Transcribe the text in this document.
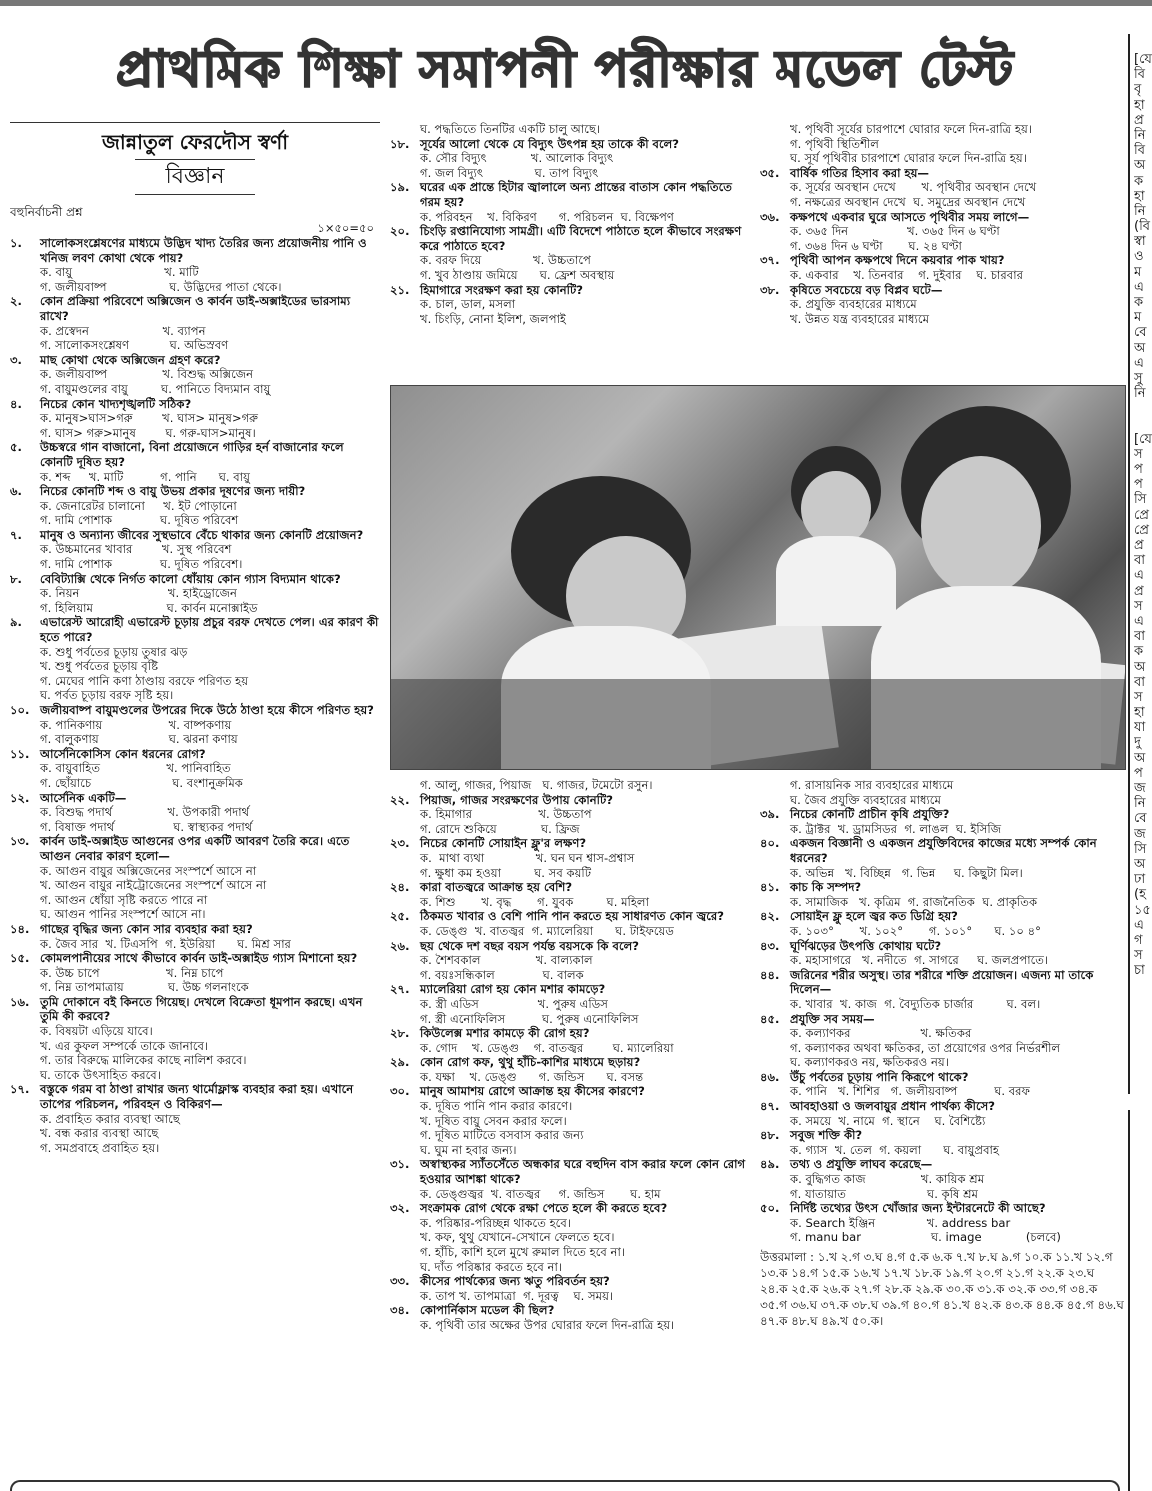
প্রাথমিক শিক্ষা সমাপনী পরীক্ষার মডেল টেস্ট	[যে
বি
বৃ
হা
প্র
নি
বি
অ
ক
হা
নি
(বি
স্বা
ও
ম
এ
ক
ম
বে
অ
এ
সু
নি
[যে
স
প
প
সি
প্রে
প্রে
প্র
বা
এ
প্র
স
এ
বা
ক
অ
বা
স
হা
যা
দু
অ
প
জ
নি
বে
জ
সি
অ
ঢা
(হ
১৫
এ
গ
স
চা
জান্নাতুল ফেরদৌস স্বর্ণা
বিজ্ঞান
বহুনির্বাচনী প্রশ্ন
১×৫০=৫০
১.	সালোকসংশ্লেষণের মাধ্যমে উদ্ভিদ খাদ্য তৈরির জন্য প্রয়োজনীয় পানি ও খনিজ লবণ কোথা থেকে পায়?
ক. বায়ু                         খ. মাটি
গ. জলীয়বাষ্প                 ঘ. উদ্ভিদের পাতা থেকে।
২.	কোন প্রক্রিয়া পরিবেশে অক্সিজেন ও কার্বন ডাই-অক্সাইডের ভারসাম্য রাখে?
ক. প্রস্বেদন                    খ. ব্যাপন
গ. সালোকসংশ্লেষণ           ঘ. অভিস্রবণ
৩.	মাছ কোথা থেকে অক্সিজেন গ্রহণ করে?
ক. জলীয়বাষ্প               খ. বিশুদ্ধ অক্সিজেন
গ. বায়ুমণ্ডলের বায়ু         ঘ. পানিতে বিদ্যমান বায়ু
৪.	নিচের কোন খাদ্যশৃঙ্খলটি সঠিক?
ক. মানুষ>ঘাস>গরু        খ. ঘাস> মানুষ>গরু
গ. ঘাস> গরু>মানুষ        ঘ. গরু-ঘাস>মানুষ।
৫.	উচ্চস্বরে গান বাজানো, বিনা প্রয়োজনে গাড়ির হর্ন বাজানোর ফলে কোনটি দূষিত হয়?
ক. শব্দ     খ. মাটি          গ. পানি      ঘ. বায়ু
৬.	নিচের কোনটি শব্দ ও বায়ু উভয় প্রকার দূষণের জন্য দায়ী?
ক. জেনারেটর চালানো     খ. ইট পোড়ানো
গ. দামি পোশাক             ঘ. দূষিত পরিবেশ
৭.	মানুষ ও অন্যান্য জীবের সুস্থভাবে বেঁচে থাকার জন্য কোনটি প্রয়োজন?
ক. উচ্চমানের খাবার        খ. সুস্থ পরিবেশ
গ. দামি পোশাক             ঘ. দূষিত পরিবেশ।
৮.	বেবিট্যাক্সি থেকে নির্গত কালো ধোঁয়ায় কোন গ্যাস বিদ্যমান থাকে?
ক. নিয়ন                        খ. হাইড্রোজেন
গ. হিলিয়াম                    ঘ. কার্বন মনোক্সাইড
৯.	এভারেস্ট আরোহী এভারেস্ট চূড়ায় প্রচুর বরফ দেখতে পেল। এর কারণ কী হতে পারে?
ক. শুধু পর্বতের চূড়ায় তুষার ঝড়
খ. শুধু পর্বতের চূড়ায় বৃষ্টি
গ. মেঘের পানি কণা ঠাণ্ডায় বরফে পরিণত হয়
ঘ. পর্বত চূড়ায় বরফ সৃষ্টি হয়।
১০. জলীয়বাষ্প বায়ুমণ্ডলের উপরের দিকে উঠে ঠাণ্ডা হয়ে কীসে পরিণত হয়?
ক. পানিকণায়                  খ. বাষ্পকণায়
গ. বালুকণায়                   ঘ. ঝরনা কণায়
১১. আর্সেনিকোসিস কোন ধরনের রোগ?
ক. বায়ুবাহিত                  খ. পানিবাহিত
গ. ছোঁয়াচে                      ঘ. বংশানুক্রমিক
১২. আর্সেনিক একটি—
ক. বিশুদ্ধ পদার্থ               খ. উপকারী পদার্থ
গ. বিষাক্ত পদার্থ                ঘ. স্বাস্থ্যকর পদার্থ
১৩. কার্বন ডাই-অক্সাইড আগুনের ওপর একটি আবরণ তৈরি করে। এতে আগুন নেবার কারণ হলো—
ক. আগুন বায়ুর অক্সিজেনের সংস্পর্শে আসে না
খ. আগুন বায়ুর নাইট্রোজেনের সংস্পর্শে আসে না
গ. আগুন ধোঁয়া সৃষ্টি করতে পারে না
ঘ. আগুন পানির সংস্পর্শে আসে না।
১৪. গাছের বৃদ্ধির জন্য কোন সার ব্যবহার করা হয়?
ক. জৈব সার  খ. টিএসপি  গ. ইউরিয়া      ঘ. মিশ্র সার
১৫. কোমলপানীয়ের সাথে কীভাবে কার্বন ডাই-অক্সাইড গ্যাস মিশানো হয়?
ক. উচ্চ চাপে                  খ. নিম্ন চাপে
গ. নিম্ন তাপমাত্রায়            ঘ. উচ্চ গলনাংকে
১৬. তুমি দোকানে বই কিনতে গিয়েছ। দেখলে বিক্রেতা ধূমপান করছে। এখন তুমি কী করবে?
ক. বিষয়টা এড়িয়ে যাবে।
খ. এর কুফল সম্পর্কে তাকে জানাবে।
গ. তার বিরুদ্ধে মালিকের কাছে নালিশ করবে।
ঘ. তাকে উৎসাহিত করবে।
১৭. বস্তুকে গরম বা ঠাণ্ডা রাখার জন্য থার্মোফ্লাস্ক ব্যবহার করা হয়। এখানে তাপের পরিচলন, পরিবহন ও বিকিরণ—
ক. প্রবাহিত করার ব্যবস্থা আছে
খ. বন্ধ করার ব্যবস্থা আছে
গ. সমপ্রবাহে প্রবাহিত হয়।
ঘ. পদ্ধতিতে তিনটির একটি চালু আছে।
১৮. সূর্যের আলো থেকে যে বিদ্যুৎ উৎপন্ন হয় তাকে কী বলে?
ক. সৌর বিদ্যুৎ            খ. আলোক বিদ্যুৎ
গ. জল বিদ্যুৎ              ঘ. তাপ বিদ্যুৎ
১৯. ঘরের এক প্রান্তে হিটার জ্বালালে অন্য প্রান্তের বাতাস কোন পদ্ধতিতে গরম হয়?
ক. পরিবহন    খ. বিকিরণ      গ. পরিচলন  ঘ. বিক্ষেপণ
২০. চিংড়ি রপ্তানিযোগ্য সামগ্রী। এটি বিদেশে পাঠাতে হলে কীভাবে সংরক্ষণ করে পাঠাতে হবে?
ক. বরফ দিয়ে              খ. উচ্চতাপে
গ. খুব ঠাণ্ডায় জমিয়ে      ঘ. ফ্রেশ অবস্থায়
২১. হিমাগারে সংরক্ষণ করা হয় কোনটি?
ক. চাল, ডাল, মসলা
খ. চিংড়ি, নোনা ইলিশ, জলপাই
খ. পৃথিবী সূর্যের চারপাশে ঘোরার ফলে দিন-রাত্রি হয়।
গ. পৃথিবী স্থিতিশীল
ঘ. সূর্য পৃথিবীর চারপাশে ঘোরার ফলে দিন-রাত্রি হয়।
৩৫. বার্ষিক গতির হিসাব করা হয়—
ক. সূর্যের অবস্থান দেখে       খ. পৃথিবীর অবস্থান দেখে
গ. নক্ষত্রের অবস্থান দেখে  ঘ. সমুদ্রের অবস্থান দেখে
৩৬. কক্ষপথে একবার ঘুরে আসতে পৃথিবীর সময় লাগে—
ক. ৩৬৫ দিন                খ. ৩৬৫ দিন ৬ ঘণ্টা
গ. ৩৬৪ দিন ৬ ঘণ্টা       ঘ. ২৪ ঘণ্টা
৩৭. পৃথিবী আপন কক্ষপথে দিনে কয়বার পাক খায়?
ক. একবার    খ. তিনবার    গ. দুইবার    ঘ. চারবার
৩৮. কৃষিতে সবচেয়ে বড় বিপ্লব ঘটে—
ক. প্রযুক্তি ব্যবহারের মাধ্যমে
খ. উন্নত যন্ত্র ব্যবহারের মাধ্যমে
গ. আলু, গাজর, পিয়াজ   ঘ. গাজর, টমেটো রসুন।
২২. পিয়াজ, গাজর সংরক্ষণের উপায় কোনটি?
ক. হিমাগার                  খ. উচ্চতাপ
গ. রোদে শুকিয়ে            ঘ. ফ্রিজ
২৩. নিচের কোনটি সোয়াইন ফ্লু'র লক্ষণ?
ক.  মাথা ব্যথা              খ. ঘন ঘন শ্বাস-প্রশ্বাস
গ. ক্ষুধা কম হওয়া         ঘ. সব কয়টি
২৪. কারা বাতজ্বরে আক্রান্ত হয় বেশি?
ক. শিশু       খ. বৃদ্ধ       গ. যুবক         ঘ. মহিলা
২৫. ঠিকমত খাবার ও বেশি পানি পান করতে হয় সাধারণত কোন জ্বরে?
ক. ডেঙ্গু  খ. বাতজ্বর  গ. ম্যালেরিয়া      ঘ. টাইফয়েড
২৬. ছয় থেকে দশ বছর বয়স পর্যন্ত বয়সকে কি বলে?
ক. শৈশবকাল               খ. বাল্যকাল
গ. বয়ঃসন্ধিকাল             ঘ. বালক
২৭. ম্যালেরিয়া রোগ হয় কোন মশার কামড়ে?
ক. স্ত্রী এডিস                খ. পুরুষ এডিস
গ. স্ত্রী এনোফিলিস          ঘ. পুরুষ এনোফিলিস
২৮. কিউলেক্স মশার কামড়ে কী রোগ হয়?
ক. গোদ    খ. ডেঙ্গু    গ. বাতজ্বর        ঘ. ম্যালেরিয়া
২৯. কোন রোগ কফ, থুথু হাঁচি-কাশির মাধ্যমে ছড়ায়?
ক. যক্ষা    খ. ডেঙ্গু      গ. জন্ডিস      ঘ. বসন্ত
৩০. মানুষ আমাশয় রোগে আক্রান্ত হয় কীসের কারণে?
ক. দূষিত পানি পান করার কারণে।
খ. দূষিত বায়ু সেবন করার ফলে।
গ. দূষিত মাটিতে বসবাস করার জন্য
ঘ. ঘুম না হবার জন্য।
৩১. অস্বাস্থ্যকর স্যাঁতসেঁতে অন্ধকার ঘরে বহুদিন বাস করার ফলে কোন রোগ হওয়ার আশঙ্কা থাকে?
ক. ডেঙ্গুজ্বর  খ. বাতজ্বর     গ. জন্ডিস       ঘ. হাম
৩২. সংক্রামক রোগ থেকে রক্ষা পেতে হলে কী করতে হবে?
ক. পরিষ্কার-পরিচ্ছন্ন থাকতে হবে।
খ. কফ, থুথু যেখানে-সেখানে ফেলতে হবে।
গ. হাঁচি, কাশি হলে মুখে রুমাল দিতে হবে না।
ঘ. দাঁত পরিষ্কার করতে হবে না।
৩৩. কীসের পার্থক্যের জন্য ঋতু পরিবর্তন হয়?
ক. তাপ খ. তাপমাত্রা  গ. দূরত্ব    ঘ. সময়।
৩৪. কোপার্নিকাস মডেল কী ছিল?
ক. পৃথিবী তার অক্ষের উপর ঘোরার ফলে দিন-রাত্রি হয়।
গ. রাসায়নিক সার ব্যবহারের মাধ্যমে
ঘ. জৈব প্রযুক্তি ব্যবহারের মাধ্যমে
৩৯. নিচের কোনটি প্রাচীন কৃষি প্রযুক্তি?
ক. ট্রাক্টর  খ. ড্রামসিডর  গ. লাঙল  ঘ. ইসিজি
৪০. একজন বিজ্ঞানী ও একজন প্রযুক্তিবিদের কাজের মধ্যে সম্পর্ক কোন ধরনের?
ক. অভিন্ন   খ. বিচ্ছিন্ন   গ. ভিন্ন     ঘ. কিছুটা মিল।
৪১. কাচ কি সম্পদ?
ক. সামাজিক   খ. কৃত্রিম  গ. রাজনৈতিক  ঘ. প্রাকৃতিক
৪২. সোয়াইন ফ্লু হলে জ্বর কত ডিগ্রি হয়?
ক. ১০৩°       খ. ১০২°       গ. ১০১°      ঘ. ১০ ৪°
৪৩. ঘূর্ণিঝড়ের উৎপত্তি কোথায় ঘটে?
ক. মহাসাগরে   খ. নদীতে  গ. সাগরে     ঘ. জলপ্রপাতে।
৪৪. জরিনের শরীর অসুস্থ। তার শরীরে শক্তি প্রয়োজন। এজন্য মা তাকে দিলেন—
ক. খাবার  খ. কাজ  গ. বৈদ্যুতিক চার্জার         ঘ. বল।
৪৫. প্রযুক্তি সব সময়—
ক. কল্যাণকর                   খ. ক্ষতিকর
গ. কল্যাণকর অথবা ক্ষতিকর, তা প্রয়োগের ওপর নির্ভরশীল
ঘ. কল্যাণকরও নয়, ক্ষতিকরও নয়।
৪৬. উঁচু পর্বতের চূড়ায় পানি কিরূপে থাকে?
ক. পানি   খ. শিশির   গ. জলীয়বাষ্প          ঘ. বরফ
৪৭. আবহাওয়া ও জলবায়ুর প্রধান পার্থক্য কীসে?
ক. সময়ে  খ. নামে  গ. স্থানে    ঘ. বৈশিষ্ট্যে
৪৮. সবুজ শক্তি কী?
ক. গ্যাস  খ. তেল  গ. কয়লা      ঘ. বায়ুপ্রবাহ
৪৯. তথ্য ও প্রযুক্তি লাঘব করেছে—
ক. বুদ্ধিগত কাজ               খ. কায়িক শ্রম
গ. যাতায়াত                      ঘ. কৃষি শ্রম
৫০. নির্দিষ্ট তথ্যের উৎস খোঁজার জন্য ইন্টারনেটে কী আছে?
ক. Search ইঞ্জিন              খ. address bar
গ. manu bar                   ঘ. image            (চলবে)
উত্তরমালা : ১.খ ২.গ ৩.ঘ ৪.গ ৫.ক ৬.ক ৭.খ ৮.ঘ ৯.গ ১০.ক ১১.খ ১২.গ ১৩.ক ১৪.গ ১৫.ক ১৬.খ ১৭.খ ১৮.ক ১৯.গ ২০.গ ২১.গ ২২.ক ২৩.ঘ ২৪.ক ২৫.ক ২৬.ক ২৭.গ ২৮.ক ২৯.ক ৩০.ক ৩১.ক ৩২.ক ৩৩.গ ৩৪.ক ৩৫.গ ৩৬.ঘ ৩৭.ক ৩৮.ঘ ৩৯.গ ৪০.গ ৪১.খ ৪২.ক ৪৩.ক ৪৪.ক ৪৫.গ ৪৬.ঘ ৪৭.ক ৪৮.ঘ ৪৯.খ ৫০.ক।
